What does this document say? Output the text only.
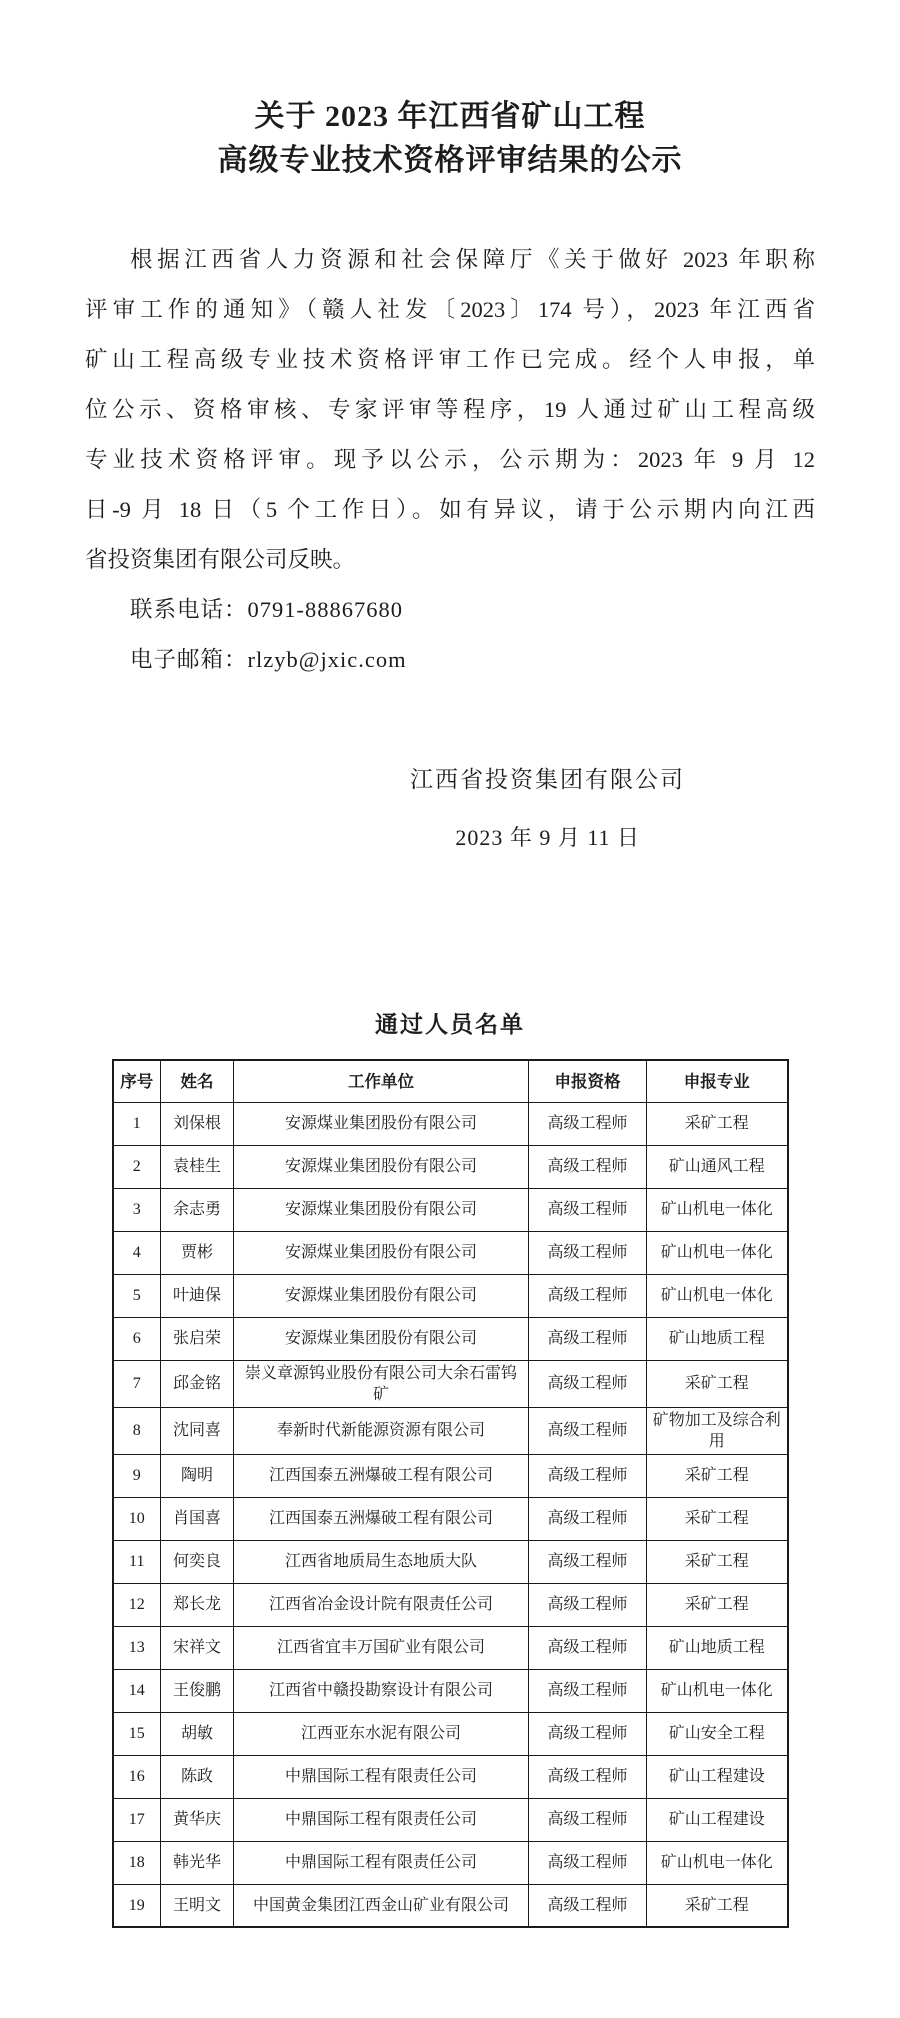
关于 2023 年江西省矿山工程
高级专业技术资格评审结果的公示
根据江西省人力资源和社会保障厅《关于做好 2023 年职称
评审工作的通知》（赣人社发〔2023〕174 号），2023 年江西省
矿山工程高级专业技术资格评审工作已完成。经个人申报，单
位公示、资格审核、专家评审等程序，19 人通过矿山工程高级
专业技术资格评审。现予以公示，公示期为：2023 年 9 月 12
日-9 月 18 日（5 个工作日）。如有异议，请于公示期内向江西
省投资集团有限公司反映。
联系电话：0791-88867680
电子邮箱：rlzyb@jxic.com
江西省投资集团有限公司
2023 年 9 月 11 日
通过人员名单
序号	姓名	工作单位	申报资格	申报专业
1	刘保根	安源煤业集团股份有限公司	高级工程师	采矿工程
2	袁桂生	安源煤业集团股份有限公司	高级工程师	矿山通风工程
3	余志勇	安源煤业集团股份有限公司	高级工程师	矿山机电一体化
4	贾彬	安源煤业集团股份有限公司	高级工程师	矿山机电一体化
5	叶迪保	安源煤业集团股份有限公司	高级工程师	矿山机电一体化
6	张启荣	安源煤业集团股份有限公司	高级工程师	矿山地质工程
7	邱金铭	崇义章源钨业股份有限公司大余石雷钨矿	高级工程师	采矿工程
8	沈同喜	奉新时代新能源资源有限公司	高级工程师	矿物加工及综合利用
9	陶明	江西国泰五洲爆破工程有限公司	高级工程师	采矿工程
10	肖国喜	江西国泰五洲爆破工程有限公司	高级工程师	采矿工程
11	何奕良	江西省地质局生态地质大队	高级工程师	采矿工程
12	郑长龙	江西省冶金设计院有限责任公司	高级工程师	采矿工程
13	宋祥文	江西省宜丰万国矿业有限公司	高级工程师	矿山地质工程
14	王俊鹏	江西省中赣投勘察设计有限公司	高级工程师	矿山机电一体化
15	胡敏	江西亚东水泥有限公司	高级工程师	矿山安全工程
16	陈政	中鼎国际工程有限责任公司	高级工程师	矿山工程建设
17	黄华庆	中鼎国际工程有限责任公司	高级工程师	矿山工程建设
18	韩光华	中鼎国际工程有限责任公司	高级工程师	矿山机电一体化
19	王明文	中国黄金集团江西金山矿业有限公司	高级工程师	采矿工程
